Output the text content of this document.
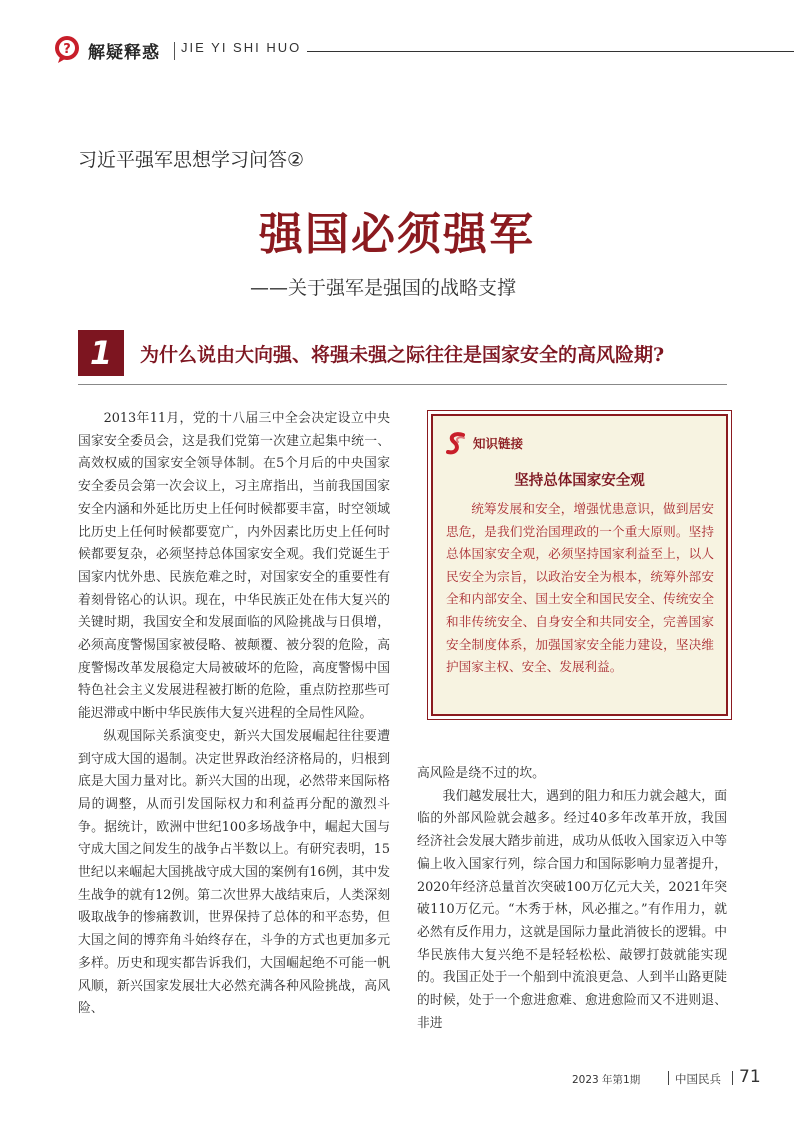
? 解疑释惑 JIE YI SHI HUO
习近平强军思想学习问答②
强国必须强军
——关于强军是强国的战略支撑
1	为什么说由大向强、将强未强之际往往是国家安全的高风险期?

2013年11月，党的十八届三中全会决定设立中央国家安全委员会，这是我们党第一次建立起集中统一、高效权威的国家安全领导体制。在5个月后的中央国家安全委员会第一次会议上，习主席指出，当前我国国家安全内涵和外延比历史上任何时候都要丰富，时空领域比历史上任何时候都要宽广，内外因素比历史上任何时候都要复杂，必须坚持总体国家安全观。我们党诞生于国家内忧外患、民族危难之时，对国家安全的重要性有着刻骨铭心的认识。现在，中华民族正处在伟大复兴的关键时期，我国安全和发展面临的风险挑战与日俱增，必须高度警惕国家被侵略、被颠覆、被分裂的危险，高度警惕改革发展稳定大局被破坏的危险，高度警惕中国特色社会主义发展进程被打断的危险，重点防控那些可能迟滞或中断中华民族伟大复兴进程的全局性风险。

纵观国际关系演变史，新兴大国发展崛起往往要遭到守成大国的遏制。决定世界政治经济格局的，归根到底是大国力量对比。新兴大国的出现，必然带来国际格局的调整，从而引发国际权力和利益再分配的激烈斗争。据统计，欧洲中世纪100多场战争中，崛起大国与守成大国之间发生的战争占半数以上。有研究表明，15世纪以来崛起大国挑战守成大国的案例有16例，其中发生战争的就有12例。第二次世界大战结束后，人类深刻吸取战争的惨痛教训，世界保持了总体的和平态势，但大国之间的博弈角斗始终存在，斗争的方式也更加多元多样。历史和现实都告诉我们，大国崛起绝不可能一帆风顺，新兴国家发展壮大必然充满各种风险挑战，高风险、

知识链接
坚持总体国家安全观
统筹发展和安全，增强忧患意识，做到居安思危，是我们党治国理政的一个重大原则。坚持总体国家安全观，必须坚持国家利益至上，以人民安全为宗旨，以政治安全为根本，统筹外部安全和内部安全、国土安全和国民安全、传统安全和非传统安全、自身安全和共同安全，完善国家安全制度体系，加强国家安全能力建设，坚决维护国家主权、安全、发展利益。

高风险是绕不过的坎。

我们越发展壮大，遇到的阻力和压力就会越大，面临的外部风险就会越多。经过40多年改革开放，我国经济社会发展大踏步前进，成功从低收入国家迈入中等偏上收入国家行列，综合国力和国际影响力显著提升，2020年经济总量首次突破100万亿元大关，2021年突破110万亿元。“木秀于林，风必摧之。”有作用力，就必然有反作用力，这就是国际力量此消彼长的逻辑。中华民族伟大复兴绝不是轻轻松松、敲锣打鼓就能实现的。我国正处于一个船到中流浪更急、人到半山路更陡的时候，处于一个愈进愈难、愈进愈险而又不进则退、非进

2023 年第1期	中国民兵 71
